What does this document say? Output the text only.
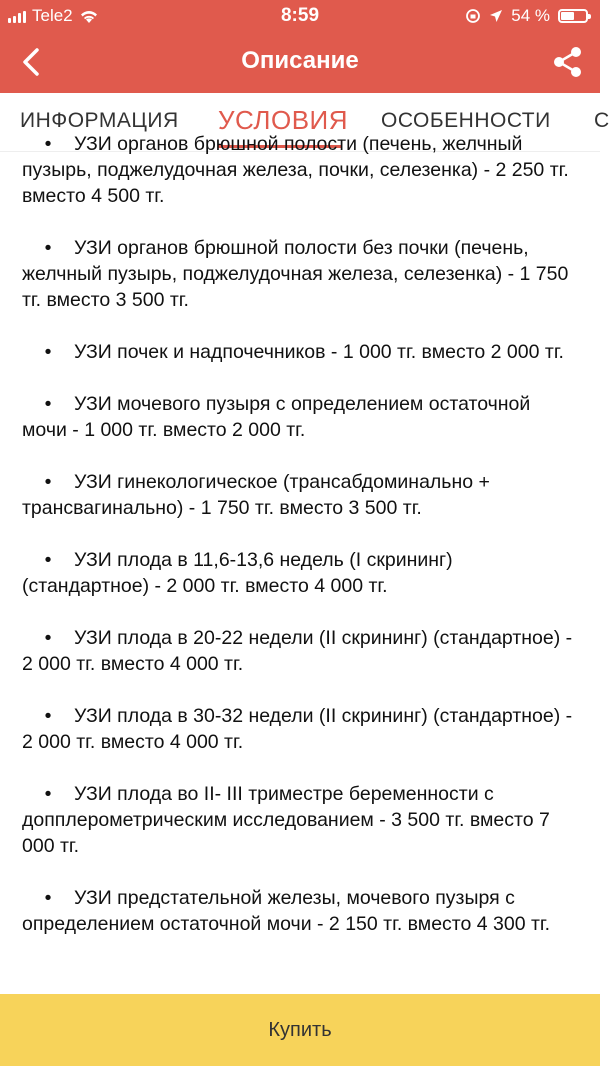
Tele2	8:59	54 %
Описание
ИНФОРМАЦИЯ УСЛОВИЯ ОСОБЕННОСТИ С
• УЗИ органов брюшной полости (печень, желчный пузырь, поджелудочная железа, почки, селезенка) - 2 250 тг. вместо 4 500 тг.
• УЗИ органов брюшной полости без почки (печень, желчный пузырь, поджелудочная железа, селезенка) - 1 750 тг. вместо 3 500 тг.
• УЗИ почек и надпочечников - 1 000 тг. вместо 2 000 тг.
• УЗИ мочевого пузыря с определением остаточной мочи - 1 000 тг. вместо 2 000 тг.
• УЗИ гинекологическое (трансабдоминально + трансвагинально) - 1 750 тг. вместо 3 500 тг.
• УЗИ плода в 11,6-13,6 недель (I скрининг) (стандартное) - 2 000 тг. вместо 4 000 тг.
• УЗИ плода в 20-22 недели (II скрининг) (стандартное) - 2 000 тг. вместо 4 000 тг.
• УЗИ плода в 30-32 недели (II скрининг) (стандартное) - 2 000 тг. вместо 4 000 тг.
• УЗИ плода во II- III триместре беременности с допплерометрическим исследованием - 3 500 тг. вместо 7 000 тг.
• УЗИ предстательной железы, мочевого пузыря с определением остаточной мочи - 2 150 тг. вместо 4 300 тг.
Купить
